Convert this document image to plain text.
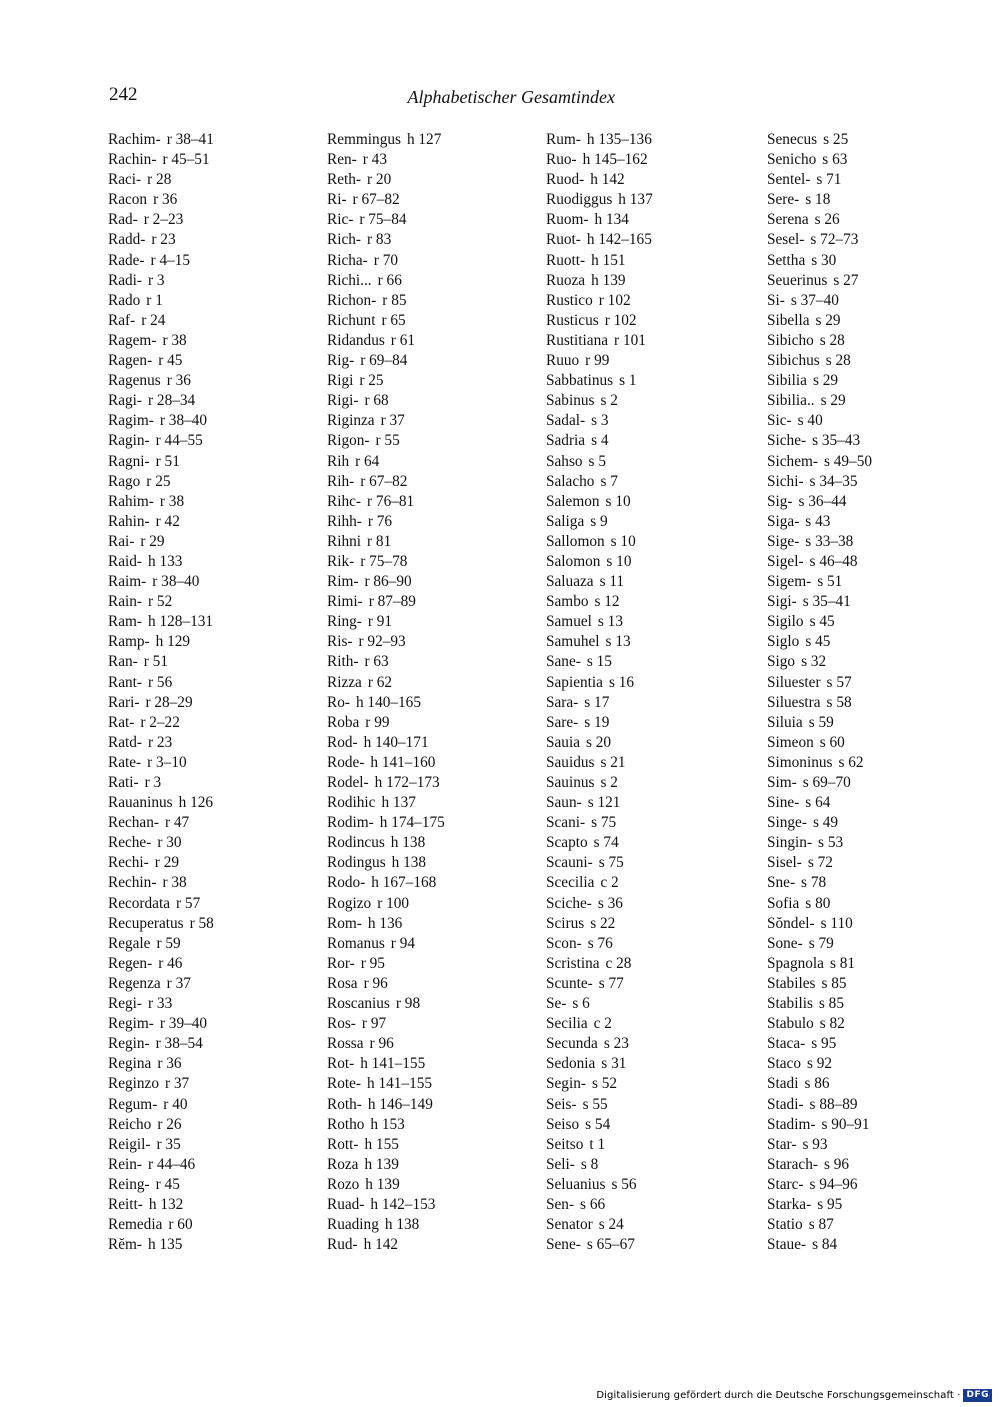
242	Alphabetischer Gesamtindex
Rachim- r 38–41
Rachin- r 45–51
Raci- r 28
Racon r 36
Rad- r 2–23
Radd- r 23
Rade- r 4–15
Radi- r 3
Rado r 1
Raf- r 24
Ragem- r 38
Ragen- r 45
Ragenus r 36
Ragi- r 28–34
Ragim- r 38–40
Ragin- r 44–55
Ragni- r 51
Rago r 25
Rahim- r 38
Rahin- r 42
Rai- r 29
Raid- h 133
Raim- r 38–40
Rain- r 52
Ram- h 128–131
Ramp- h 129
Ran- r 51
Rant- r 56
Rari- r 28–29
Rat- r 2–22
Ratd- r 23
Rate- r 3–10
Rati- r 3
Rauaninus h 126
Rechan- r 47
Reche- r 30
Rechi- r 29
Rechin- r 38
Recordata r 57
Recuperatus r 58
Regale r 59
Regen- r 46
Regenza r 37
Regi- r 33
Regim- r 39–40
Regin- r 38–54
Regina r 36
Reginzo r 37
Regum- r 40
Reicho r 26
Reigil- r 35
Rein- r 44–46
Reing- r 45
Reitt- h 132
Remedia r 60
Rĕm- h 135
Remmingus h 127
Ren- r 43
Reth- r 20
Ri- r 67–82
Ric- r 75–84
Rich- r 83
Richa- r 70
Richi... r 66
Richon- r 85
Richunt r 65
Ridandus r 61
Rig- r 69–84
Rigi r 25
Rigi- r 68
Riginza r 37
Rigon- r 55
Rih r 64
Rih- r 67–82
Rihc- r 76–81
Rihh- r 76
Rihni r 81
Rik- r 75–78
Rim- r 86–90
Rimi- r 87–89
Ring- r 91
Ris- r 92–93
Rith- r 63
Rizza r 62
Ro- h 140–165
Roba r 99
Rod- h 140–171
Rode- h 141–160
Rodel- h 172–173
Rodihic h 137
Rodim- h 174–175
Rodincus h 138
Rodingus h 138
Rodo- h 167–168
Rogizo r 100
Rom- h 136
Romanus r 94
Ror- r 95
Rosa r 96
Roscanius r 98
Ros- r 97
Rossa r 96
Rot- h 141–155
Rote- h 141–155
Roth- h 146–149
Rotho h 153
Rott- h 155
Roza h 139
Rozo h 139
Ruad- h 142–153
Ruading h 138
Rud- h 142
Rum- h 135–136
Ruo- h 145–162
Ruod- h 142
Ruodiggus h 137
Ruom- h 134
Ruot- h 142–165
Ruott- h 151
Ruoza h 139
Rustico r 102
Rusticus r 102
Rustitiana r 101
Ruuo r 99
Sabbatinus s 1
Sabinus s 2
Sadal- s 3
Sadria s 4
Sahso s 5
Salacho s 7
Salemon s 10
Saliga s 9
Sallomon s 10
Salomon s 10
Saluaza s 11
Sambo s 12
Samuel s 13
Samuhel s 13
Sane- s 15
Sapientia s 16
Sara- s 17
Sare- s 19
Sauia s 20
Sauidus s 21
Sauinus s 2
Saun- s 121
Scani- s 75
Scapto s 74
Scauni- s 75
Scecilia c 2
Sciche- s 36
Scirus s 22
Scon- s 76
Scristina c 28
Scunte- s 77
Se- s 6
Secilia c 2
Secunda s 23
Sedonia s 31
Segin- s 52
Seis- s 55
Seiso s 54
Seitso t 1
Seli- s 8
Seluanius s 56
Sen- s 66
Senator s 24
Sene- s 65–67
Senecus s 25
Senicho s 63
Sentel- s 71
Sere- s 18
Serena s 26
Sesel- s 72–73
Settha s 30
Seuerinus s 27
Si- s 37–40
Sibella s 29
Sibicho s 28
Sibichus s 28
Sibilia s 29
Sibilia.. s 29
Sic- s 40
Siche- s 35–43
Sichem- s 49–50
Sichi- s 34–35
Sig- s 36–44
Siga- s 43
Sige- s 33–38
Sigel- s 46–48
Sigem- s 51
Sigi- s 35–41
Sigilo s 45
Siglo s 45
Sigo s 32
Siluester s 57
Siluestra s 58
Siluia s 59
Simeon s 60
Simoninus s 62
Sim- s 69–70
Sine- s 64
Singe- s 49
Singin- s 53
Sisel- s 72
Sne- s 78
Sofia s 80
Sŏndel- s 110
Sone- s 79
Spagnola s 81
Stabiles s 85
Stabilis s 85
Stabulo s 82
Staca- s 95
Staco s 92
Stadi s 86
Stadi- s 88–89
Stadim- s 90–91
Star- s 93
Starach- s 96
Starc- s 94–96
Starka- s 95
Statio s 87
Staue- s 84
Digitalisierung gefördert durch die Deutsche Forschungsgemeinschaft · DFG
